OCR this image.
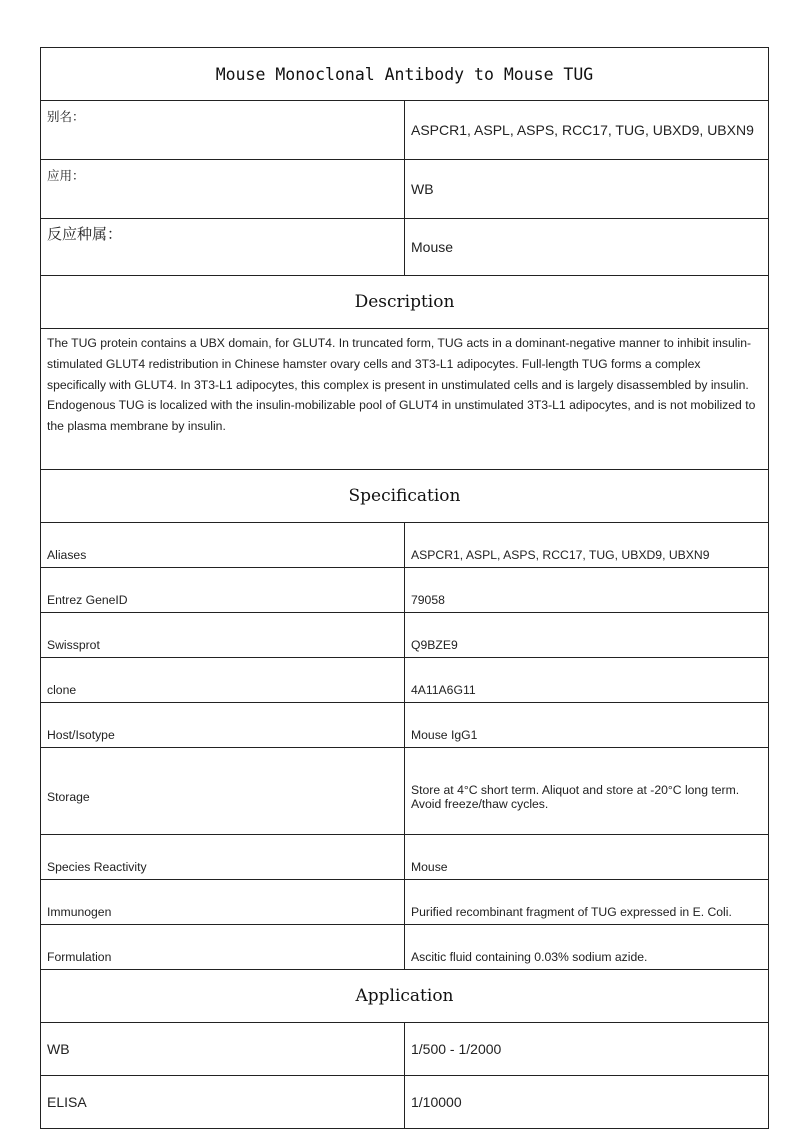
Mouse Monoclonal Antibody to Mouse TUG	
别名：	ASPCR1, ASPL, ASPS, RCC17, TUG, UBXD9, UBXN9
应用：	WB
反应种属：	Mouse
Description	
The TUG protein contains a UBX domain, for GLUT4. In truncated form, TUG acts in a dominant-negative manner to inhibit insulin-stimulated GLUT4 redistribution in Chinese hamster ovary cells and 3T3-L1 adipocytes. Full-length TUG forms a complex specifically with GLUT4. In 3T3-L1 adipocytes, this complex is present in unstimulated cells and is largely disassembled by insulin. Endogenous TUG is localized with the insulin-mobilizable pool of GLUT4 in unstimulated 3T3-L1 adipocytes, and is not mobilized to the plasma membrane by insulin.	
Specification	
Aliases	ASPCR1, ASPL, ASPS, RCC17, TUG, UBXD9, UBXN9
Entrez GeneID	79058
Swissprot	Q9BZE9
clone	4A11A6G11
Host/Isotype	Mouse IgG1
Storage	Store at 4°C short term. Aliquot and store at -20°C long term. Avoid freeze/thaw cycles.
Species Reactivity	Mouse
Immunogen	Purified recombinant fragment of TUG expressed in E. Coli.
Formulation	Ascitic fluid containing 0.03% sodium azide.
Application	
WB	1/500 - 1/2000
ELISA	1/10000
